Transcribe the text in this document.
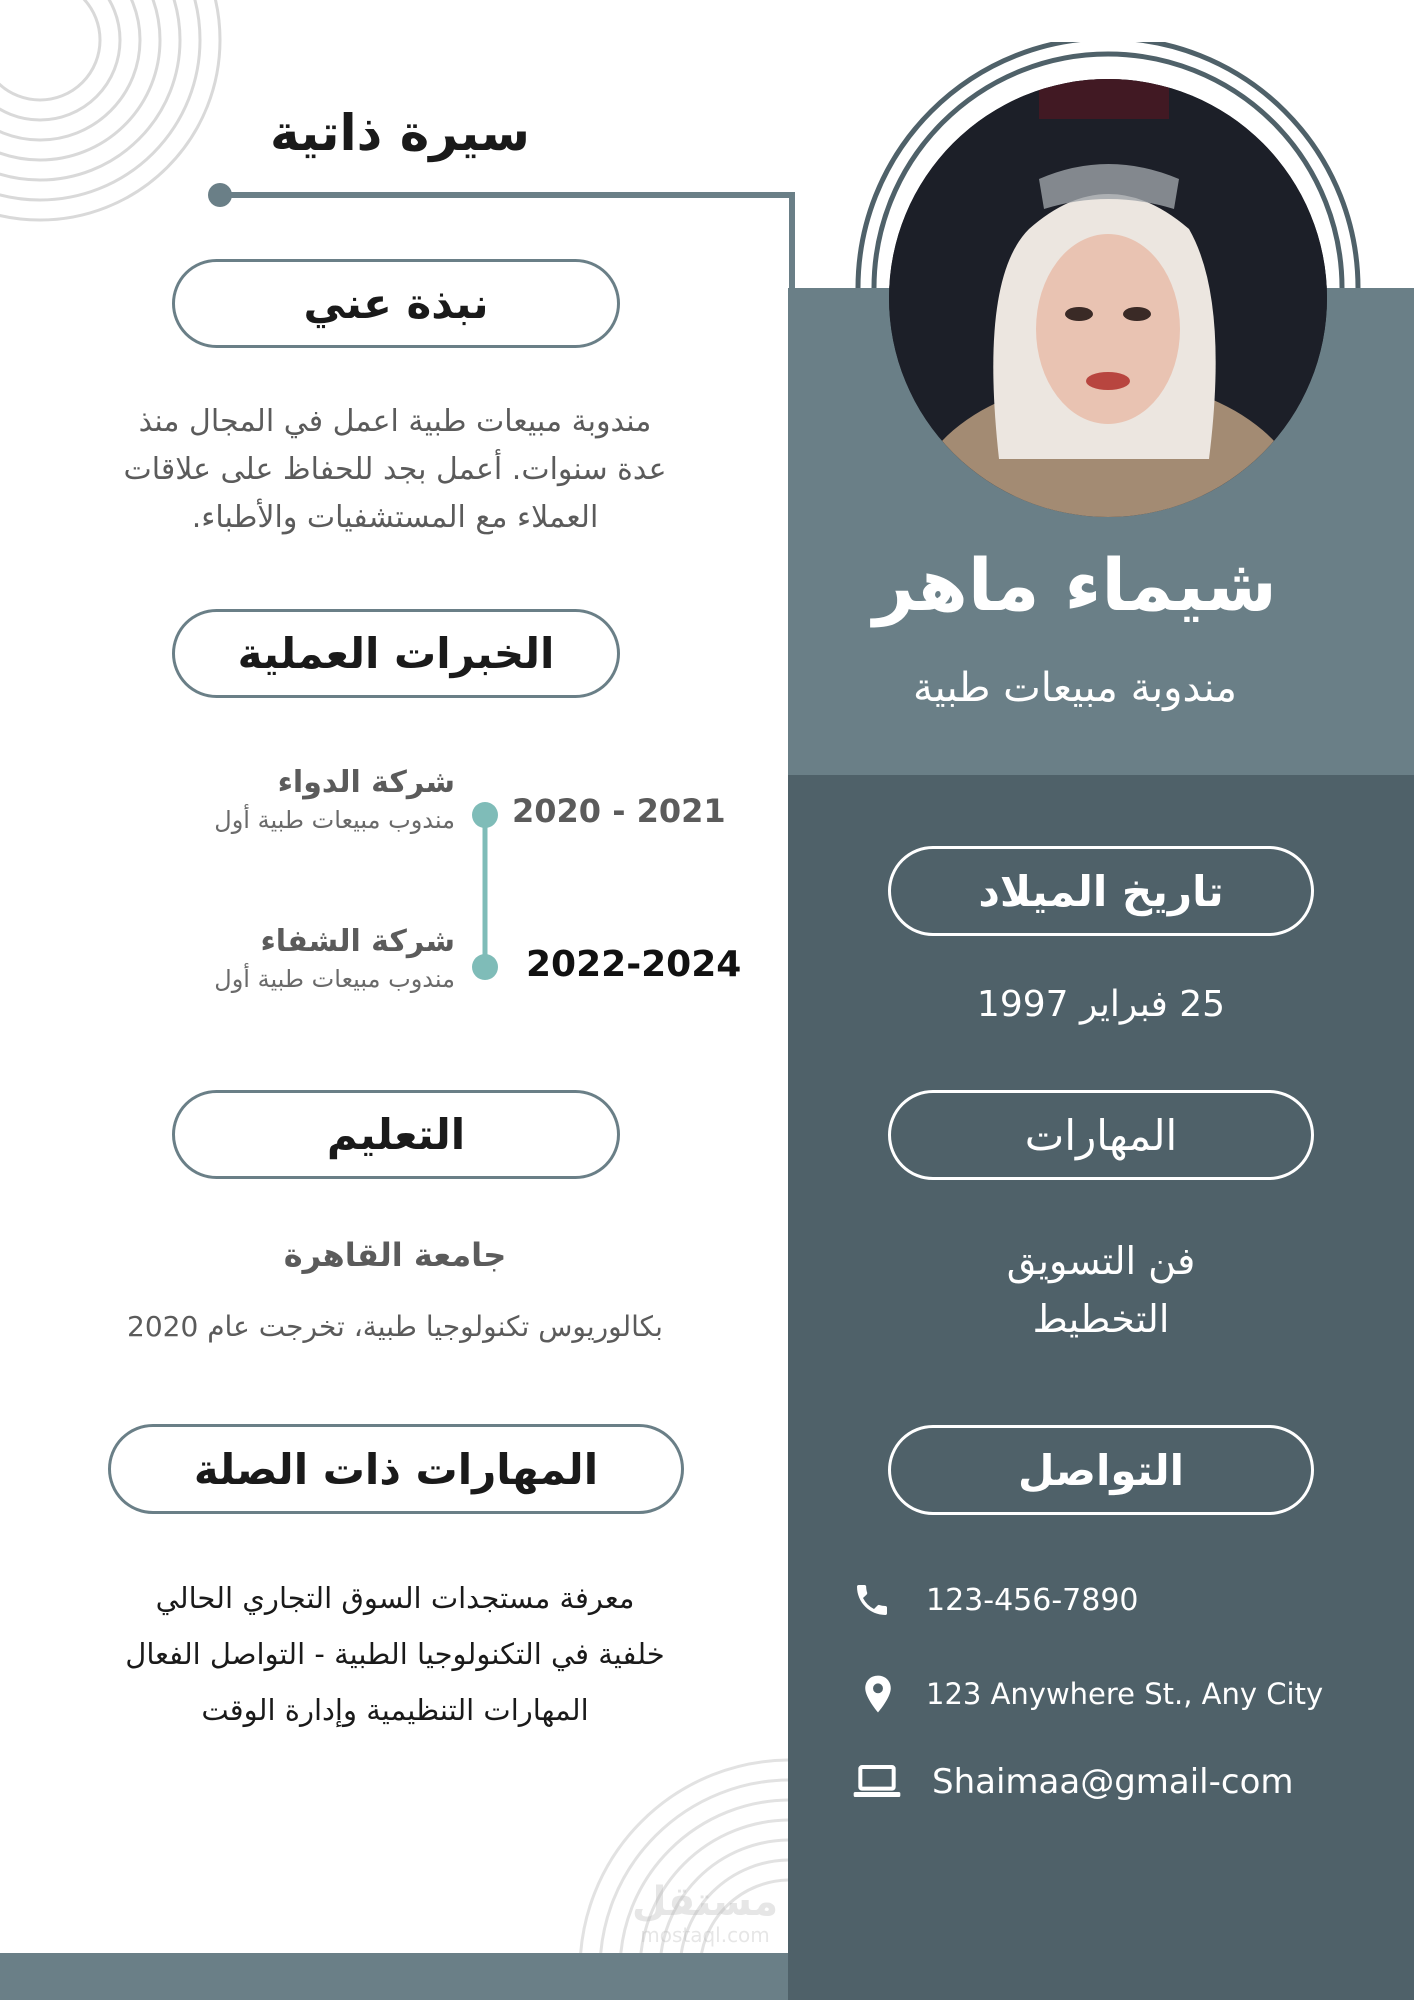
سيرة ذاتية
شيماء ماهر
مندوبة مبيعات طبية
نبذة عني
مندوبة مبيعات طبية اعمل في المجال منذ
عدة سنوات. أعمل بجد للحفاظ على علاقات
العملاء مع المستشفيات والأطباء.
الخبرات العملية
شركة الدواء
مندوب مبيعات طبية أول 2020 - 2021
شركة الشفاء
مندوب مبيعات طبية أول 2022-2024
التعليم
جامعة القاهرة
بكالوريوس تكنولوجيا طبية، تخرجت عام 2020
المهارات ذات الصلة
معرفة مستجدات السوق التجاري الحالي
خلفية في التكنولوجيا الطبية - التواصل الفعال
المهارات التنظيمية وإدارة الوقت
تاريخ الميلاد
25 فبراير 1997
المهارات
فن التسويق
التخطيط
التواصل
123-456-7890
123 Anywhere St., Any City
Shaimaa@gmail-com
مستقل
mostaql.com
